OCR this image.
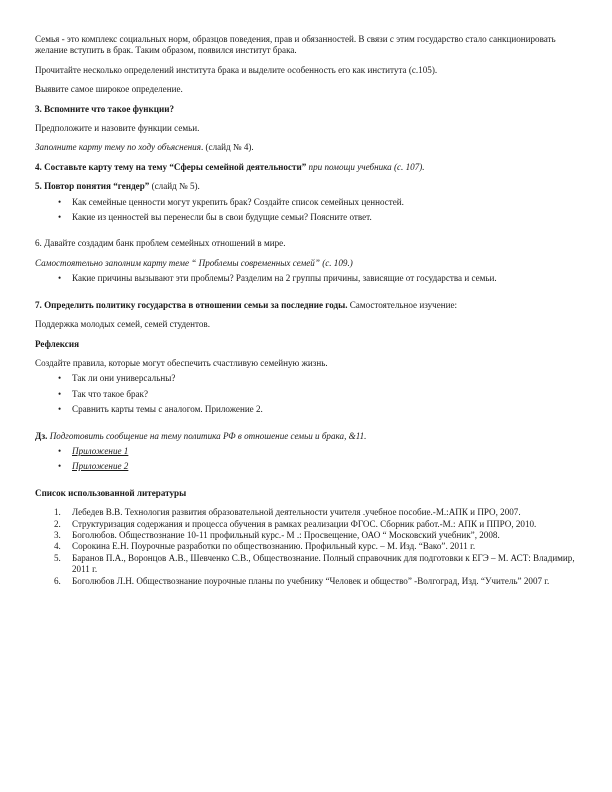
Семья - это комплекс социальных норм, образцов поведения, прав и обязанностей. В связи с этим государство стало санкционировать желание вступить в брак. Таким образом, появился институт брака.

Прочитайте несколько определений института брака и выделите особенность его как института (с.105).

Выявите самое широкое определение.

3. Вспомните что такое функции?

Предположите и назовите функции семьи.

Заполните карту тему по ходу объяснения. (слайд № 4).

4. Составьте карту тему на тему “Сферы семейной деятельности” при помощи учебника (с. 107).

5. Повтор понятия “гендер” (слайд № 5).

• Как семейные ценности могут укрепить брак? Создайте список семейных ценностей.
• Какие из ценностей вы перенесли бы в свои будущие семьи? Поясните ответ.

6. Давайте создадим банк проблем семейных отношений в мире.

Самостоятельно заполним карту теме “ Проблемы современных семей” (с. 109.)

• Какие причины вызывают эти проблемы? Разделим на 2 группы причины, зависящие от государства и семьи.

7. Определить политику государства в отношении семьи за последние годы. Самостоятельное изучение:

Поддержка молодых семей, семей студентов.

Рефлексия

Создайте правила, которые могут обеспечить счастливую семейную жизнь.

• Так ли они универсальны?
• Так что такое брак?
• Сравнить карты темы с аналогом. Приложение 2.

Дз. Подготовить сообщение на тему политика РФ в отношение семьи и брака, &11.

• Приложение 1
• Приложение 2

Список использованной литературы

1. Лебедев В.В. Технология развития образовательной деятельности учителя .учебное пособие.-М.:АПК и ПРО, 2007.
2. Структуризация содержания и процесса обучения в рамках реализации ФГОС. Сборник работ.-М.: АПК и ППРО, 2010.
3. Боголюбов. Обществознание 10-11 профильный курс.- М .: Просвещение, ОАО “ Московский учебник”, 2008.
4. Сорокина Е.Н. Поурочные разработки по обществознанию. Профильный курс. – М. Изд. “Вако”. 2011 г.
5. Баранов П.А., Воронцов А.В., Шевченко С.В., Обществознание. Полный справочник для подготовки к ЕГЭ – М. АСТ: Владимир, 2011 г.
6. Боголюбов Л.Н. Обществознание поурочные планы по учебнику “Человек и общество” -Волгоград, Изд. “Учитель” 2007 г.
